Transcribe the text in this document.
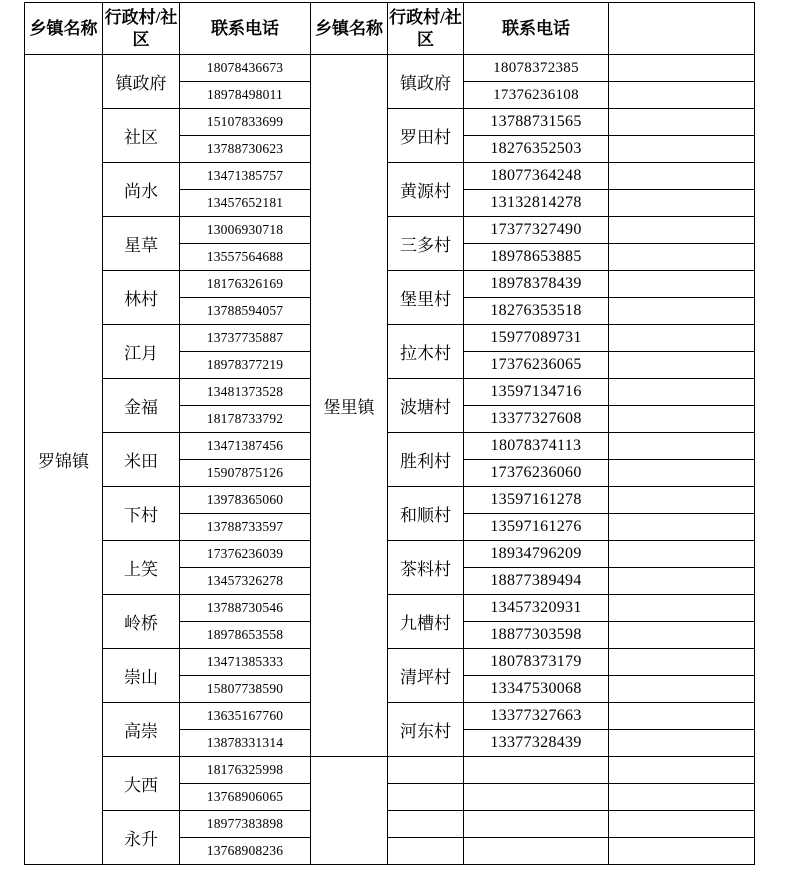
乡镇名称	行政村/社区	联系电话	乡镇名称	行政村/社区	联系电话	
罗锦镇	镇政府	18078436673	堡里镇	镇政府	18078372385	
		18978498011			17376236108	
	社区	15107833699		罗田村	13788731565	
		13788730623			18276352503	
	尚水	13471385757		黄源村	18077364248	
		13457652181			13132814278	
	星草	13006930718		三多村	17377327490	
		13557564688			18978653885	
	林村	18176326169		堡里村	18978378439	
		13788594057			18276353518	
	江月	13737735887		拉木村	15977089731	
		18978377219			17376236065	
	金福	13481373528		波塘村	13597134716	
		18178733792			13377327608	
	米田	13471387456		胜利村	18078374113	
		15907875126			17376236060	
	下村	13978365060		和顺村	13597161278	
		13788733597			13597161276	
	上笑	17376236039		茶料村	18934796209	
		13457326278			18877389494	
	岭桥	13788730546		九槽村	13457320931	
		18978653558			18877303598	
	崇山	13471385333		清坪村	18078373179	
		15807738590			13347530068	
	高崇	13635167760		河东村	13377327663	
		13878331314			13377328439	
	大西	18176325998				
		13768906065				
	永升	18977383898				
		13768908236				
